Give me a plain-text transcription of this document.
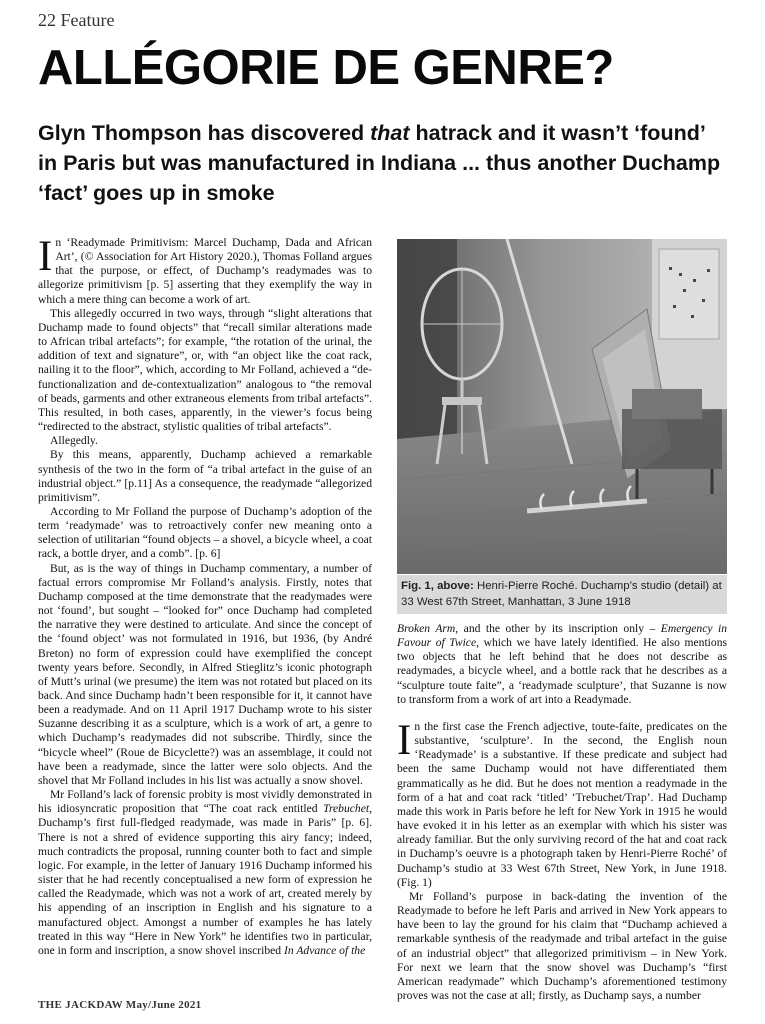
22 Feature
ALLÉGORIE DE GENRE?
Glyn Thompson has discovered that hatrack and it wasn’t ‘found’ in Paris but was manufactured in Indiana ... thus another Duchamp ‘fact’ goes up in smoke

In ‘Readymade Primitivism: Marcel Duchamp, Dada and African Art’, (© Association for Art History 2020.), Thomas Folland argues that the purpose, or effect, of Duchamp’s readymades was to allegorize primitivism [p. 5] asserting that they exemplify the way in which a mere thing can become a work of art.

This allegedly occurred in two ways, through “slight alterations that Duchamp made to found objects” that “recall similar alterations made to African tribal artefacts”; for example, “the rotation of the urinal, the addition of text and signature”, or, with “an object like the coat rack, nailing it to the floor”, which, according to Mr Folland, achieved a “de-functionalization and de-contextualization” analogous to “the removal of beads, garments and other extraneous elements from tribal artefacts”. This resulted, in both cases, apparently, in the viewer’s focus being “redirected to the abstract, stylistic qualities of tribal artefacts”.

Allegedly.

By this means, apparently, Duchamp achieved a remarkable synthesis of the two in the form of “a tribal artefact in the guise of an industrial object.” [p.11] As a consequence, the readymade “allegorized primitivism”.

According to Mr Folland the purpose of Duchamp’s adoption of the term ‘readymade’ was to retroactively confer new meaning onto a selection of utilitarian “found objects – a shovel, a bicycle wheel, a coat rack, a bottle dryer, and a comb”. [p. 6]

But, as is the way of things in Duchamp commentary, a number of factual errors compromise Mr Folland’s analysis. Firstly, notes that Duchamp composed at the time demonstrate that the readymades were not ‘found’, but sought – “looked for” once Duchamp had completed the narrative they were destined to articulate. And since the concept of the ‘found object’ was not formulated in 1916, but 1936, (by André Breton) no form of expression could have exemplified the concept twenty years before. Secondly, in Alfred Stieglitz’s iconic photograph of Mutt’s urinal (we presume) the item was not rotated but placed on its back. And since Duchamp hadn’t been responsible for it, it cannot have been a readymade. And on 11 April 1917 Duchamp wrote to his sister Suzanne describing it as a sculpture, which is a work of art, a genre to which Duchamp’s readymades did not subscribe. Thirdly, since the “bicycle wheel” (Roue de Bicyclette?) was an assemblage, it could not have been a readymade, since the latter were solo objects. And the shovel that Mr Folland includes in his list was actually a snow shovel.

Mr Folland’s lack of forensic probity is most vividly demonstrated in his idiosyncratic proposition that “The coat rack entitled Trebuchet, Duchamp’s first full-fledged readymade, was made in Paris” [p. 6]. There is not a shred of evidence supporting this airy fancy; indeed, much contradicts the proposal, running counter both to fact and simple logic. For example, in the letter of January 1916 Duchamp informed his sister that he had recently conceptualised a new form of expression he called the Readymade, which was not a work of art, created merely by his appending of an inscription in English and his signature to a manufactured object. Amongst a number of examples he has lately treated in this way “Here in New York” he identifies two in particular, one in form and inscription, a snow shovel inscribed In Advance of the

Fig. 1, above: Henri-Pierre Roché. Duchamp’s studio (detail) at 33 West 67th Street, Manhattan, 3 June 1918

Broken Arm, and the other by its inscription only – Emergency in Favour of Twice, which we have lately identified. He also mentions two objects that he left behind that he does not describe as readymades, a bicycle wheel, and a bottle rack that he describes as a “sculpture toute faite”, a ‘readymade sculpture’, that Suzanne is now to transform from a work of art into a Readymade.

In the first case the French adjective, toute-faite, predicates on the substantive, ‘sculpture’. In the second, the English noun ‘Readymade’ is a substantive. If these predicate and subject had been the same Duchamp would not have differentiated them grammatically as he did. But he does not mention a readymade in the form of a hat and coat rack ‘titled’ ‘Trebuchet/Trap’. Had Duchamp made this work in Paris before he left for New York in 1915 he would have evoked it in his letter as an exemplar with which his sister was already familiar. But the only surviving record of the hat and coat rack in Duchamp’s oeuvre is a photograph taken by Henri-Pierre Roché’ of Duchamp’s studio at 33 West 67th Street, New York, in June 1918. (Fig. 1)

Mr Folland’s purpose in back-dating the invention of the Readymade to before he left Paris and arrived in New York appears to have been to lay the ground for his claim that “Duchamp achieved a remarkable synthesis of the readymade and tribal artefact in the guise of an industrial object” that allegorized primitivism – in New York. For next we learn that the snow shovel was Duchamp’s “first American readymade” which Duchamp’s aforementioned testimony proves was not the case at all; firstly, as Duchamp says, a number

THE JACKDAW May/June 2021
